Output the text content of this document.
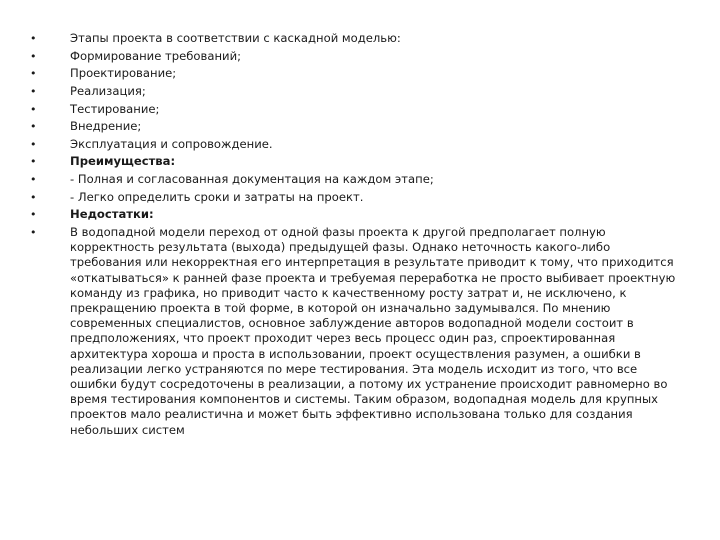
•	Этапы проекта в соответствии с каскадной моделью:
•	Формирование требований;
•	Проектирование;
•	Реализация;
•	Тестирование;
•	Внедрение;
•	Эксплуатация и сопровождение.
•	Преимущества:
•	- Полная и согласованная документация на каждом этапе;
•	- Легко определить сроки и затраты на проект.
•	Недостатки:
•	В водопадной модели переход от одной фазы проекта к другой предполагает полную корректность результата (выхода) предыдущей фазы. Однако неточность какого-либо требования или некорректная его интерпретация в результате приводит к тому, что приходится «откатываться» к ранней фазе проекта и требуемая переработка не просто выбивает проектную команду из графика, но приводит часто к качественному росту затрат и, не исключено, к прекращению проекта в той форме, в которой он изначально задумывался. По мнению современных специалистов, основное заблуждение авторов водопадной модели состоит в предположениях, что проект проходит через весь процесс один раз, спроектированная архитектура хороша и проста в использовании, проект осуществления разумен, а ошибки в реализации легко устраняются по мере тестирования. Эта модель исходит из того, что все ошибки будут сосредоточены в реализации, а потому их устранение происходит равномерно во время тестирования компонентов и системы. Таким образом, водопадная модель для крупных проектов мало реалистична и может быть эффективно использована только для создания небольших систем
